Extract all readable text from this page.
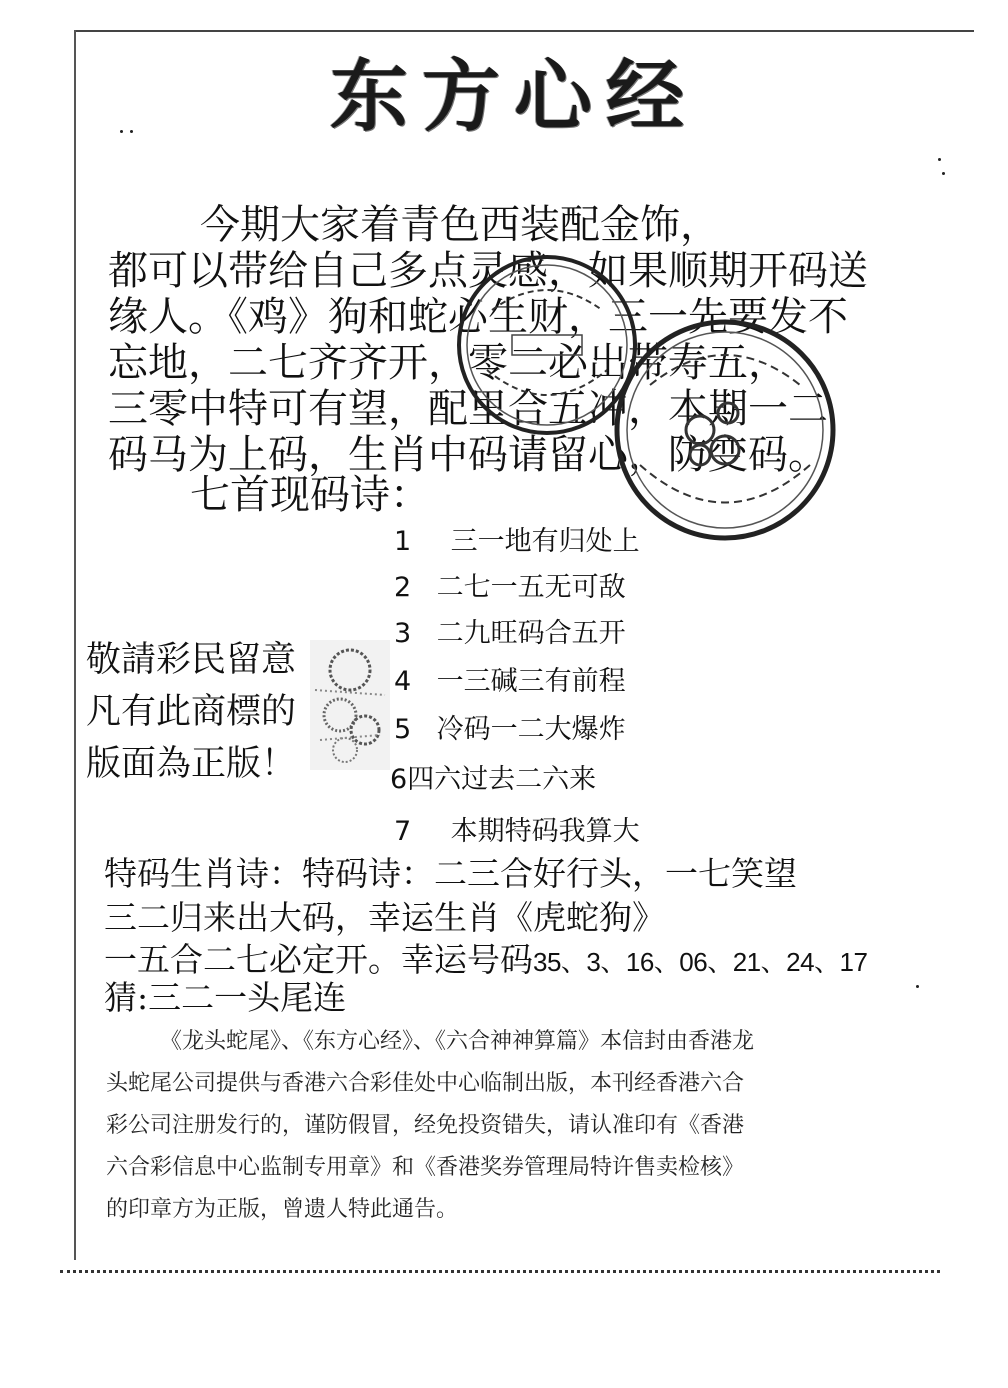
东方心经
今期大家着青色西装配金饰，
都可以带给自己多点灵感，如果顺期开码送
缘人。《鸡》狗和蛇必生财，三一先要发不
忘地，二七齐齐开，零二必出带寿五，
三零中特可有望，配里合五冲，本期一二
码马为上码，生肖中码请留心，防变码。
七首现码诗：
1 三一地有归处上
2 二七一五无可敌
3 二九旺码合五开
4 一三碱三有前程
5 冷码一二大爆炸
6四六过去二六来
7 本期特码我算大
敬請彩民留意
凡有此商標的
版面為正版！
特码生肖诗：特码诗：二三合好行头，一七笑望
三二归来出大码，幸运生肖《虎蛇狗》
一五合二七必定开。幸运号码35、3、16、06、21、24、17
猜:三二一头尾连
《龙头蛇尾》、《东方心经》、《六合神神算篇》本信封由香港龙
头蛇尾公司提供与香港六合彩佳处中心临制出版，本刊经香港六合
彩公司注册发行的，谨防假冒，经免投资错失，请认准印有《香港
六合彩信息中心监制专用章》和《香港奖券管理局特许售卖检核》
的印章方为正版，曾遗人特此通告。
